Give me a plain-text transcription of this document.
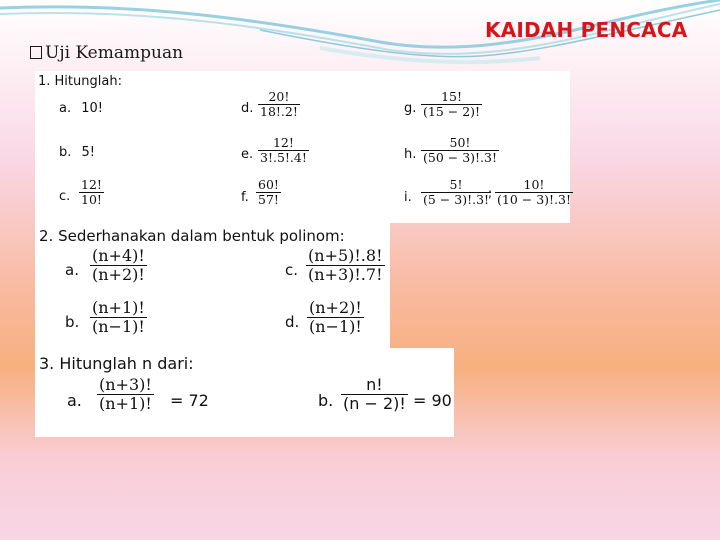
KAIDAH PENCACA
Uji Kemampuan
1. Hitunglah:
a. 10!
b. 5!
c. $\frac{12!}{10!}$
d. $\frac{20!}{18!.2!}$
e. $\frac{12!}{3!.5!.4!}$
f. $\frac{60!}{57!}$
g. $\frac{15!}{(15 - 2)!}$
h. $\frac{50!}{(50 - 3)!.3!}$
i. $\frac{5!}{(5 - 3)!.3!}$
; $\frac{10!}{(10 - 3)!.3!}$
2. Sederhanakan dalam bentuk polinom:
a. $\frac{(n+4)!}{(n+2)!}$
b. $\frac{(n+1)!}{(n-1)!}$
c. $\frac{(n+5)!.8!}{(n+3)!.7!}$
d. $\frac{(n+2)!}{(n-1)!}$
3. Hitunglah n dari:
a. $\frac{(n+3)!}{(n+1)!} = 72$	b. $\frac{n!}{(n - 2)!} = 90$
